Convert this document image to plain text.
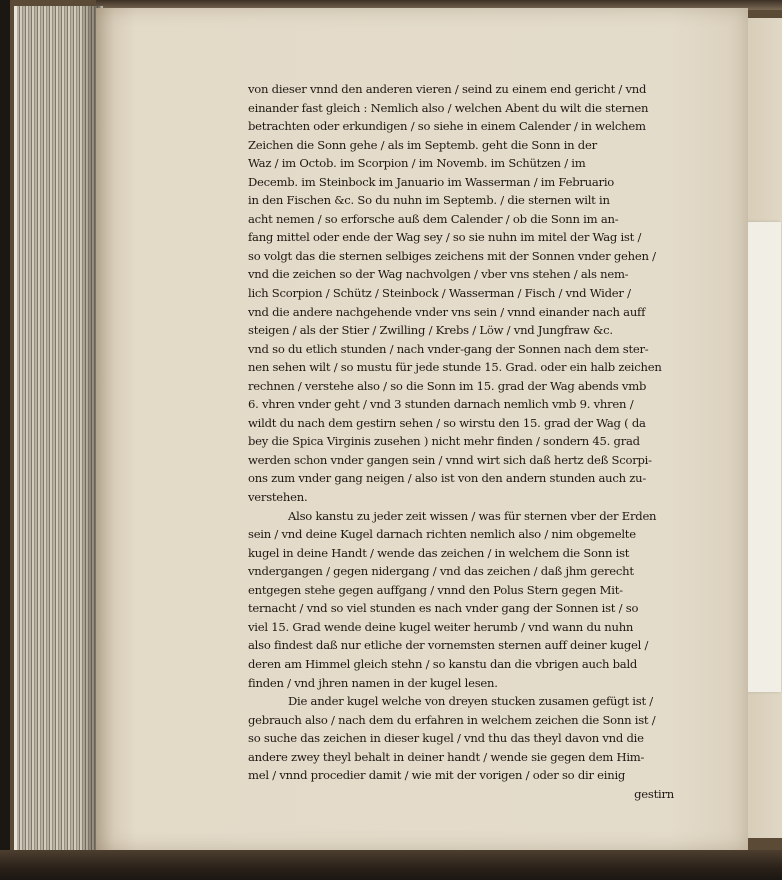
von dieser vnnd den anderen vieren / seind zu einem end gericht / vnd
einander fast gleich : Nemlich also / welchen Abent du wilt die sternen
betrachten oder erkundigen / so siehe in einem Calender / in welchem
Zeichen die Sonn gehe / als im Septemb. geht die Sonn in der
Waz / im Octob. im Scorpion / im Novemb. im Schützen / im
Decemb. im Steinbock im Januario im Wasserman / im Februario
in den Fischen &c. So du nuhn im Septemb. / die sternen wilt in
acht nemen / so erforsche auß dem Calender / ob die Sonn im an-
fang mittel oder ende der Wag sey / so sie nuhn im mitel der Wag ist /
so volgt das die sternen selbiges zeichens mit der Sonnen vnder gehen /
vnd die zeichen so der Wag nachvolgen / vber vns stehen / als nem-
lich Scorpion / Schütz / Steinbock / Wasserman / Fisch / vnd Wider /
vnd die andere nachgehende vnder vns sein / vnnd einander nach auff
steigen / als der Stier / Zwilling / Krebs / Löw / vnd Jungfraw &c.
vnd so du etlich stunden / nach vnder-gang der Sonnen nach dem ster-
nen sehen wilt / so mustu für jede stunde 15. Grad. oder ein halb zeichen
rechnen / verstehe also / so die Sonn im 15. grad der Wag abends vmb
6. vhren vnder geht / vnd 3 stunden darnach nemlich vmb 9. vhren /
wildt du nach dem gestirn sehen / so wirstu den 15. grad der Wag ( da
bey die Spica Virginis zusehen ) nicht mehr finden / sondern 45. grad
werden schon vnder gangen sein / vnnd wirt sich daß hertz deß Scorpi-
ons zum vnder gang neigen / also ist von den andern stunden auch zu-
verstehen.
Also kanstu zu jeder zeit wissen / was für sternen vber der Erden
sein / vnd deine Kugel darnach richten nemlich also / nim obgemelte
kugel in deine Handt / wende das zeichen / in welchem die Sonn ist
vndergangen / gegen nidergang / vnd das zeichen / daß jhm gerecht
entgegen stehe gegen auffgang / vnnd den Polus Stern gegen Mit-
ternacht / vnd so viel stunden es nach vnder gang der Sonnen ist / so
viel 15. Grad wende deine kugel weiter herumb / vnd wann du nuhn
also findest daß nur etliche der vornemsten sternen auff deiner kugel /
deren am Himmel gleich stehn / so kanstu dan die vbrigen auch bald
finden / vnd jhren namen in der kugel lesen.
Die ander kugel welche von dreyen stucken zusamen gefügt ist /
gebrauch also / nach dem du erfahren in welchem zeichen die Sonn ist /
so suche das zeichen in dieser kugel / vnd thu das theyl davon vnd die
andere zwey theyl behalt in deiner handt / wende sie gegen dem Him-
mel / vnnd procedier damit / wie mit der vorigen / oder so dir einig
gestirn
